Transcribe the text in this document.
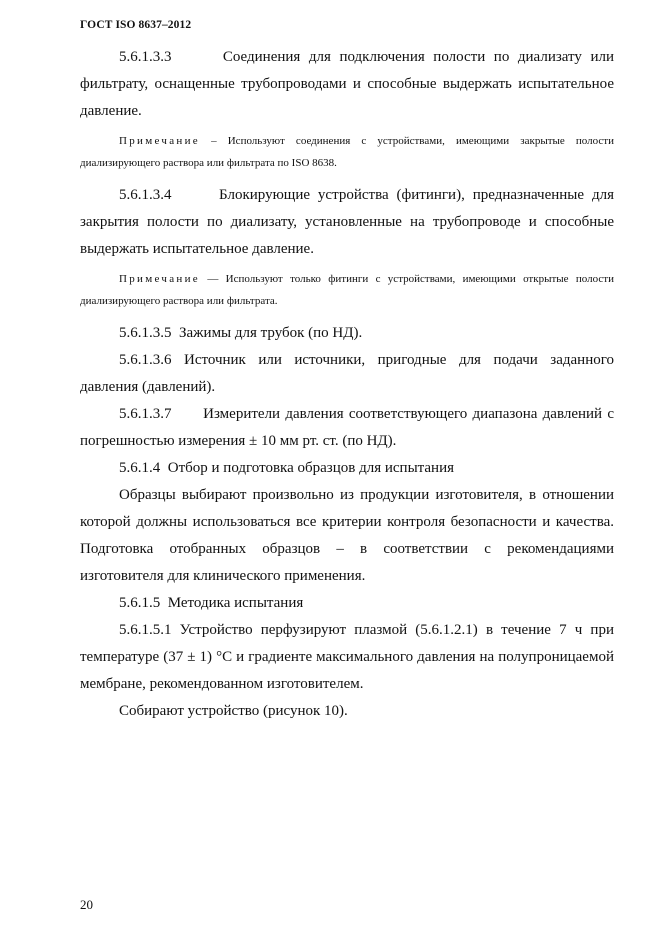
ГОСТ ISO 8637–2012

5.6.1.3.3      Соединения для подключения полости по диализату или фильтрату, оснащенные трубопроводами и способные выдержать испытательное давление.

Примечание – Используют соединения с устройствами, имеющими закрытые полости диализирующего раствора или фильтрата по ISO 8638.

5.6.1.3.4      Блокирующие устройства (фитинги), предназначенные для закрытия полости по диализату, установленные на трубопроводе и способные выдержать испытательное давление.

Примечание — Используют только фитинги с устройствами, имеющими открытые полости диализирующего раствора или фильтрата.

5.6.1.3.5  Зажимы для трубок (по НД).

5.6.1.3.6 Источник или источники, пригодные для подачи заданного давления (давлений).

5.6.1.3.7      Измерители давления соответствующего диапазона давлений с погрешностью измерения ± 10 мм рт. ст. (по НД).

5.6.1.4  Отбор и подготовка образцов для испытания

Образцы выбирают произвольно из продукции изготовителя, в отношении которой должны использоваться все критерии контроля безопасности и качества. Подготовка отобранных образцов – в соответствии с рекомендациями изготовителя для клинического применения.

5.6.1.5  Методика испытания

5.6.1.5.1 Устройство перфузируют плазмой (5.6.1.2.1) в течение 7 ч при температуре (37 ± 1) °С и градиенте максимального давления на полупроницаемой мембране, рекомендованном изготовителем.

Собирают устройство (рисунок 10).

20
